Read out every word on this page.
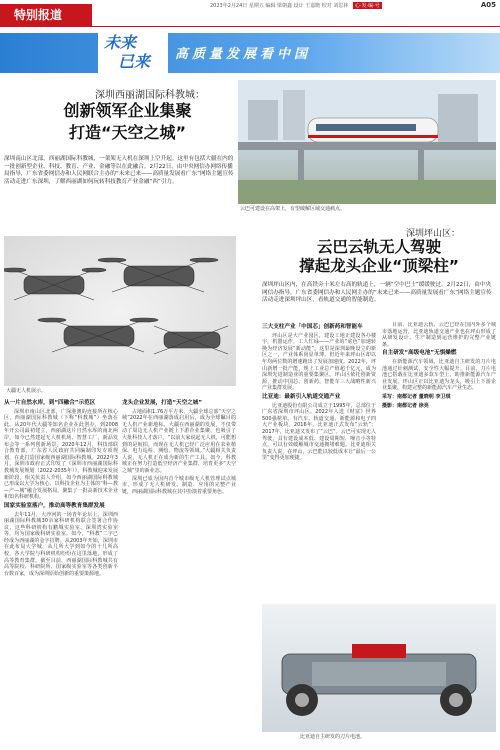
特别报道
2023年2月24日 星期五 编辑 梁朝鑫 设计 王嘉瞻 校对 刘思林 心·发·编·号	A05
未来
已来 高质量发展看中国
深圳西丽湖国际科教城：
创新领军企业集聚
打造“天空之城”
深圳南山区北部，西丽湖国际科教城，一架架无人机在深圳上空升起。这里有包括大疆在内的一批创新型企业、科技、教育、产业、金融等以在此融合。2月22日，由中央网信办网络传播局指导，广东省委网信办和人民网联合主办的“未来已来——高质量发展看广东”网络主题宣传活动走进广东深圳，了解西丽湖如何玩转科技教育产业金融“西”引力。
云巴可建设在高架上，有望破解区域交通痛点。
深圳坪山区：
云巴云轨无人驾驶
撑起龙头企业“顶梁柱”
深圳坪山区内，在高铁旁十米左右高的轨道上，一辆“空中巴士”缓缓驶过。2月22日，由中央网信办指导，广东省委网信办和人民网主办的“未来已来——高质量发展看广东”网络主题宣传活动走进深圳坪山区，看轨道交通的智能制造。
大疆无人机展示。
从一片自然水库，到“四融合”示范区

深圳市南山区北部，广深港澳的连接所在核心区，西丽湖国际科教城（下称“科教城”）坐落在此。从20年代大疆等知名企业在此创办，到2008年开公司最初建立，西丽湖这片自然水库的南北两岸，如今已然建起无人机机场、智慧工厂、新品发布会等一系列创新场景。2020年12月，科技部联合教育部，广东省人民政府共同编制印发专项规划，在此打造国家级西丽湖国际科教城。2022年3月，深圳市政府正式印发了《深圳市西丽湖国际科教城发展规划（2022-2035年）》，科教城迎来发展新阶段。相关负责人介绍，如今西丽湖国际科教城已形成以大学为核心、以科技企业为主体的“科—教—产—城”融合发展格局，聚集了一批高新技术企业和知名科研机构。

国家实验室落户，推动高等教育集群发展

去年11月，大沙河的一场青年论坛上，深圳西丽湖国际科教城30余家科研机构联合签署合作协议，这些科研机构有鹏城实验室、深圳湾实验室等，均为国家级科研实验室。如今，“科教”二字已经成为西丽湖的金字招牌。从2003年开始，深圳市在此布局大学城，从几所大学到如今的十几所高校，各大学院与科研机构纷纷在这里落地，形成了高等教育集群。截至目前，西丽湖国际科教城共有高等院校、科研院所、国家级实验室等各类创新平台数百家，成为深圳原始创新的重要策源地。

龙头企业发展，打造“天空之城”

占地面积1.76万平方米，大疆全球总部“天空之城”2022年在西丽湖落成启用后，成为全球瞩目的无人机产业新地标。大疆在西丽湖的发展，不仅带动了周边无人机产业链上下游企业集聚，也吸引了大批科技人才落户。“以前大家说起无人机，可能想到的是航拍，而现在无人机已经广泛应用在农业植保、电力巡检、测绘、物流等领域。”大疆相关负责人说，无人机正在成为新的生产工具。如今，科教城正在努力打造低空经济产业集群，培育更多“天空之城”里的新业态。

深圳已成为国内首个城市级无人机管理试点城市，形成了无人机研发、制造、应用的完整产业链，西丽湖国际科教城在其中扮演着重要角色。

三大支柱产业「中国芯」创新药和智能车

坪山区是大产业园区，建设工地正建设各办楼宇，机器运作，工人忙碌——产业的“底色”加速转换为经济发展“新动能”。这里是深圳最晚设立的新区之一，产业体系尚显单薄，但近年来坪山区却以年均两位数的增速跑出了发展加速度。2022年，坪山新增一批产能，规上工业总产值超千亿元，成为深圳先进制造业的重要集聚区。坪山区依托创新资源，推动中国芯、创新药、智能车三大战略性新兴产业集群发展。

比亚迪：最新引入轨道交通产业

比亚迪股份有限公司成立于1995年，总部位于广东省深圳市坪山区。2022年入选《财富》世界500强榜单。有汽车、轨道交通、新能源和电子四大产业板块。2016年，比亚迪正式发布“云轨”；2017年，比亚迪又发布了“云巴”。云巴可实现无人驾驶，具有建设成本低、建设周期短、噪音小等特点，可以有效破解城市交通拥堵难题。比亚迪相关负责人说，在坪山，云巴能以较低成本让“最后一公里”变得更加便捷。

目前，比亚迪云轨、云巴已经在国内外多个城市落地运营，比亚迪轨道交通产业也在坪山形成了从研发设计、生产制造到运营维护的完整产业链条。

自主研发“高级电池”无惧燥燃

在新能源汽车领域，比亚迪自主研发的刀片电池通过针刺测试，安全性大幅提升。目前，刀片电池已搭载在比亚迪多款车型上，助推新能源汽车产业发展。坪山区正以比亚迪为龙头，吸引上下游企业集聚，构建完整的新能源汽车产业生态。

采写：南都记者 董晓明 李卫琪
摄影：南都记者 徐亮
比亚迪自主研发的刀片电池。
